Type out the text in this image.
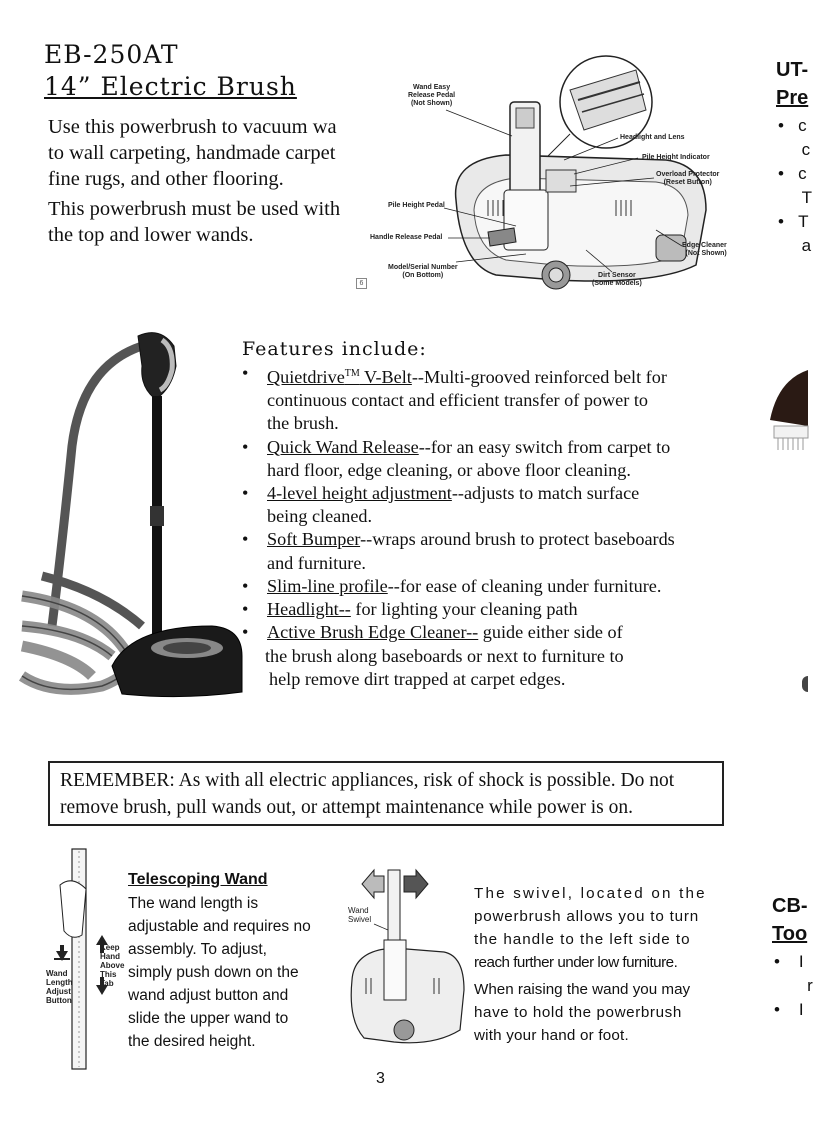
EB-250AT
14” Electric Brush
Use this powerbrush to vacuum wa
to wall carpeting, handmade carpet
fine rugs, and other flooring.
This powerbrush must be used with
the top and lower wands.
Wand Easy
Release Pedal
(Not Shown)
Headlight and Lens
Pile Height Indicator
Overload Protector
(Reset Button)
Pile Height Pedal
Handle Release Pedal
Edge Cleaner
(Not Shown)
Model/Serial Number
(On Bottom)	Dirt Sensor
(Some Models)
6
Features include:
• Quietdrive™ V-Belt--Multi-grooved reinforced belt for
continuous contact and efficient transfer of power to
the brush.
• Quick Wand Release--for an easy switch from carpet to
hard floor, edge cleaning, or above floor cleaning.
• 4-level height adjustment--adjusts to match surface
being cleaned.
• Soft Bumper--wraps around brush to protect baseboards
and furniture.
• Slim-line profile--for ease of cleaning under furniture.
• Headlight-- for lighting your cleaning path
• Active Brush Edge Cleaner-- guide either side of
the brush along baseboards or next to furniture to
help remove dirt trapped at carpet edges.
REMEMBER: As with all electric appliances, risk of shock is possible. Do not
remove brush, pull wands out, or attempt maintenance while power is on.
Keep
Hand
Above
This Tab
Wand
Length
Adjust
Button
Telescoping Wand
The wand length is
adjustable and requires no
assembly. To adjust,
simply push down on the
wand adjust button and
slide the upper wand to
the desired height.
Wand
Swivel
The swivel, located on the
powerbrush allows you to turn
the handle to the left side to
reach further under low furniture.
When raising the wand you may
have to hold the powerbrush
with your hand or foot.
3
UT-
Pre
•   c
c
•   c
T
•   T
a
CB-
Too
•    I
r
•    I
